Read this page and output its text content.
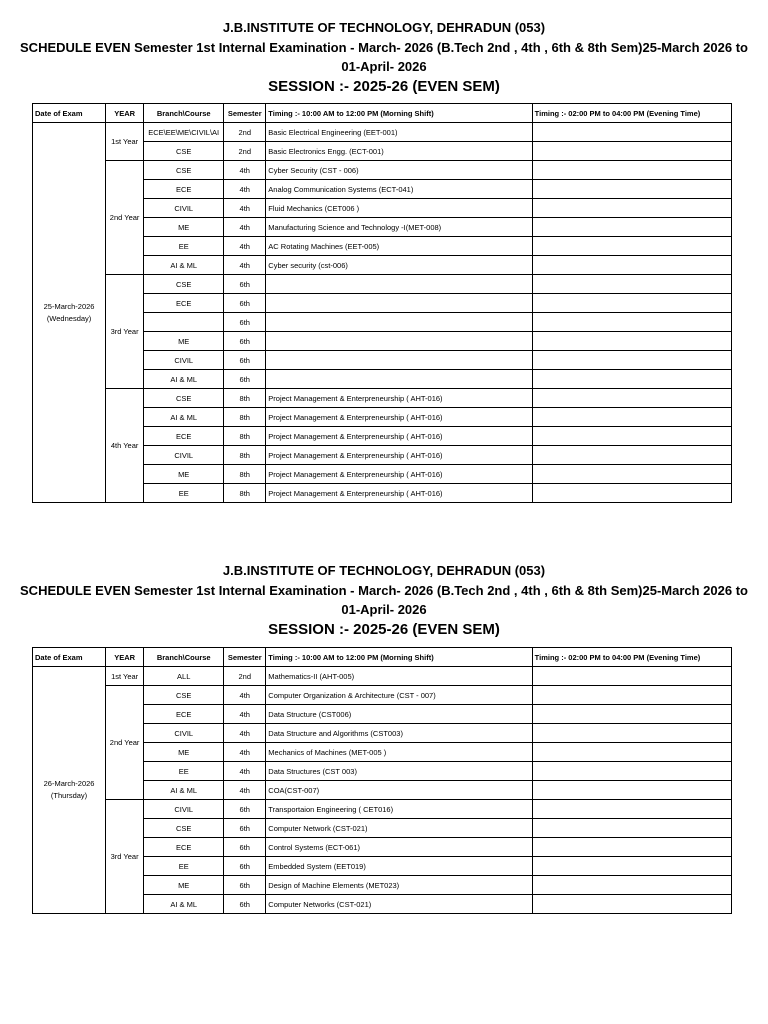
J.B.INSTITUTE OF TECHNOLOGY, DEHRADUN (053)
SCHEDULE EVEN Semester 1st Internal Examination - March- 2026 (B.Tech 2nd , 4th , 6th & 8th Sem)25-March 2026 to 01-April- 2026
SESSION :- 2025-26 (EVEN SEM)
Date of Exam	YEAR	Branch\Course	Semester	Timing :- 10:00 AM to 12:00 PM (Morning Shift)	Timing :- 02:00 PM to 04:00 PM (Evening Time)

25-March-2026
(Wednesday)	1st Year	ECE\EE\ME\CIVIL\AI	2nd	Basic Electrical Engineering (EET-001)	
		CSE	2nd	Basic Electronics Engg. (ECT-001)	
	2nd Year	CSE	4th	Cyber Security (CST - 006)	
		ECE	4th	Analog Communication Systems (ECT-041)	
		CIVIL	4th	Fluid Mechanics (CET006 )	
		ME	4th	Manufacturing Science and Technology -I(MET-008)	
		EE	4th	AC Rotating Machines (EET-005)	
		AI & ML	4th	Cyber security (cst-006)	
	3rd Year	CSE	6th		
		ECE	6th		
			6th		
		ME	6th		
		CIVIL	6th		
		AI & ML	6th		
	4th Year	CSE	8th	Project Management & Enterpreneurship ( AHT-016)	
		AI & ML	8th	Project Management & Enterpreneurship ( AHT-016)	
		ECE	8th	Project Management & Enterpreneurship ( AHT-016)	
		CIVIL	8th	Project Management & Enterpreneurship ( AHT-016)	
		ME	8th	Project Management & Enterpreneurship ( AHT-016)	
		EE	8th	Project Management & Enterpreneurship ( AHT-016)	
J.B.INSTITUTE OF TECHNOLOGY, DEHRADUN (053)
SCHEDULE EVEN Semester 1st Internal Examination - March- 2026 (B.Tech 2nd , 4th , 6th & 8th Sem)25-March 2026 to 01-April- 2026
SESSION :- 2025-26 (EVEN SEM)
Date of Exam	YEAR	Branch\Course	Semester	Timing :- 10:00 AM to 12:00 PM (Morning Shift)	Timing :- 02:00 PM to 04:00 PM (Evening Time)

26-March-2026
(Thursday)	1st Year	ALL	2nd	Mathematics-II (AHT-005)	
	2nd Year	CSE	4th	Computer Organization & Architecture (CST - 007)	
		ECE	4th	Data Structure (CST006)	
		CIVIL	4th	Data Structure and Algorithms (CST003)	
		ME	4th	Mechanics of Machines (MET-005 )	
		EE	4th	Data Structures (CST 003)	
		AI & ML	4th	COA(CST-007)	
	3rd Year	CIVIL	6th	Transportaion Engineering ( CET016)	
		CSE	6th	Computer Network (CST-021)	
		ECE	6th	Control Systems (ECT-061)	
		EE	6th	Embedded System (EET019)	
		ME	6th	Design of Machine Elements (MET023)	
		AI & ML	6th	Computer Networks (CST-021)	
